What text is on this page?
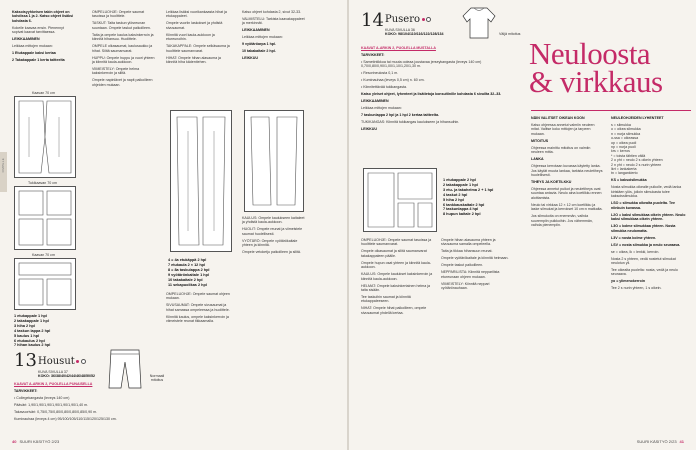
OMPELE

Kaksoisyyhkeisen takin ohjeet on kohdissa 1 ja 2. Katso ohjeet lisäksi kohdasta 6.

Kokeile kaavaa ensin. Pienennyt sopivat kaavat tarvittaessa.

LEIKKAAMINEN

Leikkaa mittojen mukaan:

1 Etukappale kaksi kertaa

2 Takakappale 1 kerta taitteelta

Kaavan 70 cm
Tukikaavan 70 cm
Kaavan 70 cm
1 etukappale 1 hpl
2 takakappale 1 hpl
3 hiha 2 hpl
4 taskun lappa 2 hpl
5 kaulus 1 hpl
6 etukaulus 2 hpl
7 hihan kaulus 2 hpl

OMPELUOHJE: Ompele saumat tasoissa ja huolittele.

TASKUT: Taita taskun ylösreunan suuntaan. Ompele taskut paikoilleen.

Taita ja ompele kaulus kaksinkerroin ja kiinnitä hihansuu. Huolittele.

OMPELE olkasaumat, kaulusaukko ja hihat. Silitä saumanvarat.

HUPPU: Ompele huppu ja vuori yhteen ja kiinnitä kaula-aukkoon.

VIIMEISTELY: Ompele helma kaksinkerroin ja silitä.

Ompele napinlävet ja napit paikoilleen ohjeiden mukaan.

Leikkaa lisäksi vuorikankaasta hihat ja etukappaleet.

Ompele vuoriin laskokset ja yhdistä sivusaumat.

Kiinnitä vuori kaula-aukkoon ja etureunoihin.

TAKAKAPPALE: Ompele selkäsauma ja huolittele saumanvarat.

HIHAT: Ompele hihan alasauma ja kiinnitä hiha kädentiehen.

4 = 4a etukäppä 2 hpl
7 etukaula 2 × 12 hpl
8 = 8a taskulappa 2 hpl
9 vyötärönkaitale 1 hpl
10 takakaitale 2 hpl
11 sekapuolikas 2 hpl

OMPELUOHJE: Ompele saumat ohjeen mukaan.

SIVUSAUMAT: Ompele sivusaumat ja hihat samassa ompeleessa ja huolittele.

Kiinnitä kaulus, ompele kaksinkerroin ja viimeistele reunat tikkaamalla.

Katso ohjeet kohdasta 2, sivut 32-33.

VALMISTELU: Tarkista kaavakappaleet ja merkinnät.

LEIKKAAMINEN

Leikkaa mittojen mukaan:

9 vyötäröarpa 1 hpl.

10 takakaitale 2 hpl.

LEIKKUU

KAULUS: Ompele kaulukseen kaitaleet ja yhdistä kaula-aukkoon.

HUOLIT: Ompele reunat ja viimeistele saumat huolellisesti.

VYÖTÄRÖ: Ompele vyötärökaitale yhteen ja kiinnitä.

Ompele vetoketju paikoilleen ja silitä.

13 Housut
KUVA SIVULLA 37
KOKO: 36/38/40/42/44/46/48/50/52

KAAVAT A-ARKIN 2, PUOLELLA PUNAISELLA

TARVIKKEET:

• Collegekangasta (leveys 140 cm)

Pääväri: 1,90/1,90/1,90/1,90/1,90/1,90/1,40 m.

Takavuoriväri: 0,75/0,75/0,80/0,80/0,80/0,85/0,90 m.

Kuminauhaa (leveys 4 cm) 95/100/105/110/115/120/125/130 cm.

Normaali mitoitus
40 SUURI KÄSITYÖ 2/23
14 Pusero
KUVA SIVULLA 36
KOKO: 98/104/110/116/122/128/134	Väljä mitoitus

KAAVAT A-ARKIN 2, PUOLELLA MUSTALLA

TARVIKKEET:

• Sametintikkoa tai muuta ooleaa joustavaa jerseykangasta (leveys 140 cm) 0,70/0,80/0,90/1,00/1,10/1,20/1,30 m.

• Resorineulosta 0,1 m.

• Kuminauhaa (leveys 0,5 cm) n. 60 cm.

• Kiinnitettävää tukikangasta.

Katso yleiset ohjeet, lyhenteet ja lisätietoja konsultinille kohdasta 6 sivuilta 32–33.

LEIKKAAMINEN

Leikkaa mittojen mukaan:

7 taskunlappa 2 hpl ja 1 hpl 2 kertaa taitteelta.

TUKIKANGAS: Kiinnitä tukikangas kaulukseen ja hihansuihin.

LEIKKUU

1 etukappale 2 hpl
2 takakappale 1 hpl
3 etu- ja takahelma 2 + 1 hpl
4 taskut 2 hpl
5 hiha 2 hpl
6 tankkauskaitale 2 hpl
7 taskunlappa 4 hpl
8 hupun kaitale 2 hpl

OMPELUOHJE: Ompele saumat tasoissa ja huolittele saumanvarat.

Ompele olkasaumat ja silitä saumanvarat takakappaleen päälle.

Ompele hupun osat yhteen ja kiinnitä kaula-aukkoon.

KAULUS: Ompele kaulukset kaksinkerroin ja kiinnitä kaula-aukkoon.

HELMAT: Ompele kaksinkertainen helma ja taita sisään.

Tee taskuihin saumat ja kiinnitä etukappaleeseen.

NIHAT: Ompele hihat paikoilleen, ompele sivusaumat yhdellä kertaa.

Ompele hihan alasauma yhteen ja sivusauma samalla ompeleella.

Taita ja tikkaa hihansuun reunat.

Ompele vyötärökaitale ja kiinnitä helmaan.

Ompele taskut paikoilleen.

NEPPARILISTA: Kiinnitä nepparilista etureunaan ohjeen mukaan.

VIIMEISTELY: Kiinnitä neppari vyötärönauhaan.

Neuloosta
& virkkaus

NÄIN VALITSET OIKEAN KOON

Katso ohjeessa annetut valmiin neuleen mitat. Valitse koko mittojen ja tarpeen mukaan.

MITOITUS

Ohjeessa mainittu mitoitus on valmiin neuleen mitta.

LANKA

Ohjeessa kerrotaan kuvassa käytetty lanka. Jos käytät muuta lankaa, tarkista neuletiheys huolellisesti.

TIHEYS JA KOETILKKU

Ohjeessa annetut puikot ja neuletiheys ovat suuntaa antavia. Neulo aina koetilkku ennen aloittamista.

Neulo tai virkkaa 12 × 12 cm koetilkku ja laske silmukat ja kerrokset 10 cm:n matkalta.

Jos silmukoita on enemmän, vaihda suurempiin puikkoihin. Jos vähemmän, vaihda pienempiin.

NEULEOHJEIDEN LYHENTEET

s = silmukka
o = oikea silmukka
n = nurja silmukka
o-ssa = oikeassa
op = oikea puoli
np = nurja puoli
krs = kerros
* = toista tähtien väliä
2 o yht = neulo 2 s oikein yhteen
2 n yht = neulo 2 s nurin yhteen
lkrt = lankakerta
tn = langankierto

KS = kaksoisilmukka

Nosta silmukka oikealle puikolle, vedä lanka kiristäen ylös, jolloin silmukasta tulee kaksoissilmukka.

LSO = silmukka oikealta puolelta. Tee niinkuin kuvassa.

L2O = kaksi silmukkaa oikein yhteen. Neulo kaksi silmukkaa oikein yhteen.

L3O = kolme silmukkaa yhteen. Nosta silmukka neulomatta.

L3V = nosta kolme yhteen.

LSV = nosta silmukka ja neulo seuraava.

se = oikea, lk = lenkki, kerroin.

Nosta 2 s yhteen, vedä nostetut silmukat neulotun yli.

Tee oikealta puolelta: nosta, vedä ja neulo seuraava.

yo = ylimenokerroin

Tee 2 s nurin yhteen, 1 s oikein.

SUURI KÄSITYÖ 2/23 41
